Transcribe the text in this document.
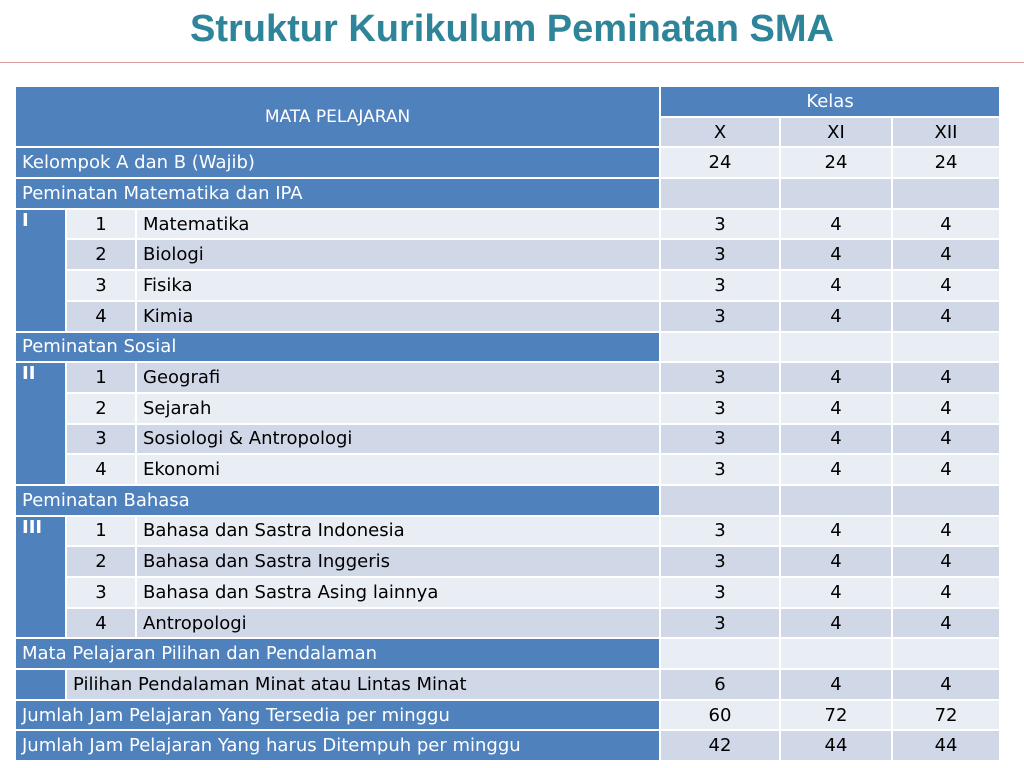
Struktur Kurikulum Peminatan SMA
MATA PELAJARAN			Kelas		
			X	XI	XII
Kelompok A dan B (Wajib)			24	24	24
Peminatan Matematika dan IPA					
I	1	Matematika	3	4	4
	2	Biologi	3	4	4
	3	Fisika	3	4	4
	4	Kimia	3	4	4
Peminatan Sosial					
II	1	Geografi	3	4	4
	2	Sejarah	3	4	4
	3	Sosiologi & Antropologi	3	4	4
	4	Ekonomi	3	4	4
Peminatan Bahasa					
III	1	Bahasa dan Sastra Indonesia	3	4	4
	2	Bahasa dan Sastra Inggeris	3	4	4
	3	Bahasa dan Sastra Asing lainnya	3	4	4
	4	Antropologi	3	4	4
Mata Pelajaran Pilihan dan Pendalaman					
	Pilihan Pendalaman Minat atau Lintas Minat		6	4	4
Jumlah Jam Pelajaran Yang Tersedia per minggu			60	72	72
Jumlah Jam Pelajaran Yang harus Ditempuh per minggu			42	44	44
